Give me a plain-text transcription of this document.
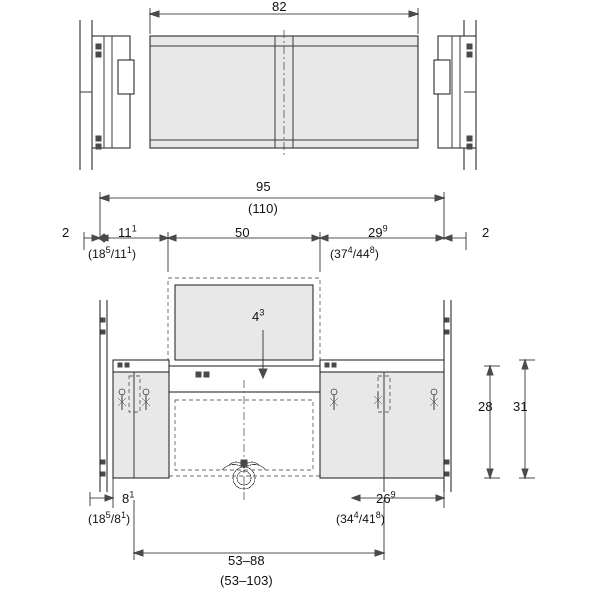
82
95
(110)
2	2
$11^1$
$(18^5/11^1)$
50	$29^9$
$(37^4/44^8)$
$4^3$
28 31
$8^1$
$(18^5/8^1)$
$26^9$
$(34^4/41^8)$
53–88
(53–103)
